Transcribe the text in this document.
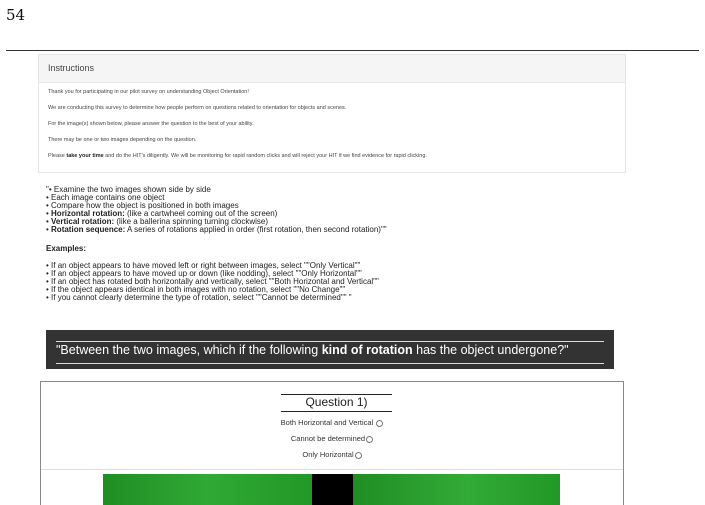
54
Instructions

Thank you for participating in our pilot survey on understanding Object Orientation!

We are conducting this survey to determine how people perform on questions related to orientation for objects and scenes.

For the image(s) shown below, please answer the question to the best of your ability.

There may be one or two images depending on the question.

Please take your time and do the HIT's diligently. We will be monitoring for rapid random clicks and will reject your HIT if we find evidence for rapid clicking.

"• Examine the two images shown side by side
• Each image contains one object
• Compare how the object is positioned in both images
• Horizontal rotation: (like a cartwheel coming out of the screen)
• Vertical rotation: (like a ballerina spinning turning clockwise)
• Rotation sequence: A series of rotations applied in order (first rotation, then second rotation)""
Examples:
• If an object appears to have moved left or right between images, select ""Only Vertical""
• If an object appears to have moved up or down (like nodding), select ""Only Horizontal""
• If an object has rotated both horizontally and vertically, select ""Both Horizontal and Vertical""
• If the object appears identical in both images with no rotation, select ""No Change""
• If you cannot clearly determine the type of rotation, select ""Cannot be determined"" "
"Between the two images, which if the following kind of rotation has the object undergone?"
Question 1)
Both Horizontal and Vertical
Cannot be determined
Only Horizontal
